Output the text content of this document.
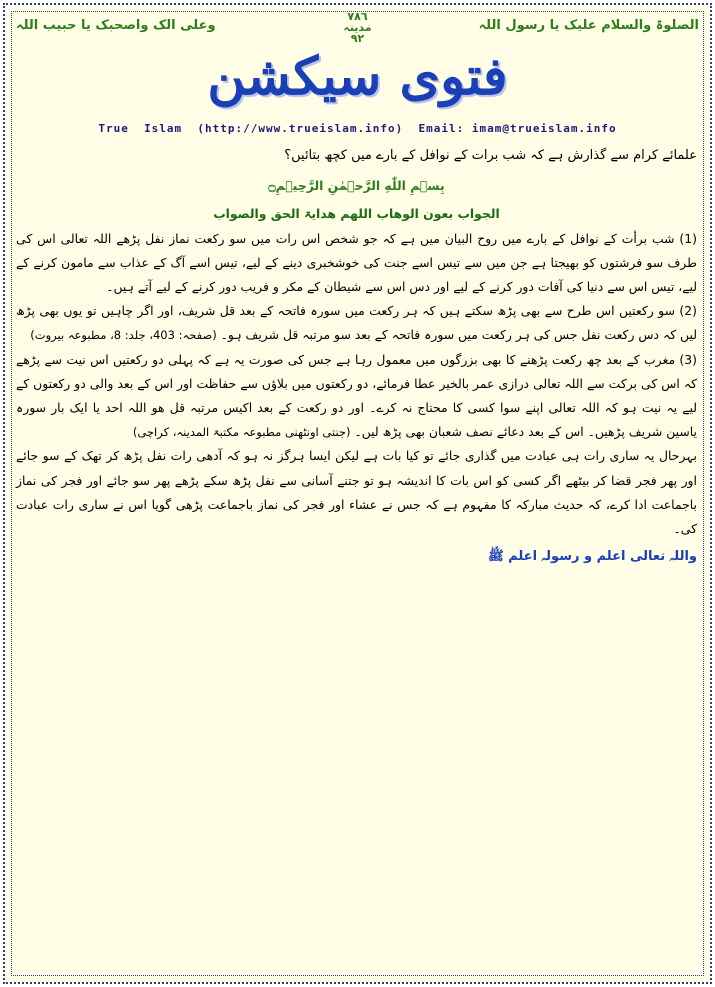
الصلوۃ والسلام علیک یا رسول اللہ
٧٨٦
مدینہ
٩٢
وعلی الک واصحبک یا حبیب اللہ
فتوی سیکشن
True  Islam  (http://www.trueislam.info)  Email: imam@trueislam.info

علمائے کرام سے گذارش ہے کہ شب برات کے نوافل کے بارے میں کچھ بتائیں؟

بِسۡمِ اللّٰهِ الرَّحۡمٰنِ الرَّحِيۡمِ۝

الجواب بعون الوھاب اللھم ھدایۃ الحق والصواب

(1) شب برأت کے نوافل کے بارے میں روح البیان میں ہے کہ جو شخص اس رات میں سو رکعت نماز نفل پڑھے اللہ تعالی اس کی طرف سو فرشتوں کو بھیجتا ہے جن میں سے تیس اسے جنت کی خوشخبری دینے کے لیے، تیس اسے آگ کے عذاب سے مامون کرنے کے لیے، تیس اس سے دنیا کی آفات دور کرنے کے لیے اور دس اس سے شیطان کے مکر و فریب دور کرنے کے لیے آتے ہیں۔

(2) سو رکعتیں اس طرح سے بھی پڑھ سکتے ہیں کہ ہر رکعت میں سورہ فاتحہ کے بعد قل شریف، اور اگر چاہیں تو یوں بھی پڑھ لیں کہ دس رکعت نفل جس کی ہر رکعت میں سورہ فاتحہ کے بعد سو مرتبہ قل شریف ہو۔ (صفحہ: 403، جلد: 8، مطبوعہ بیروت)

(3) مغرب کے بعد چھ رکعت پڑھنے کا بھی بزرگوں میں معمول رہا ہے جس کی صورت یہ ہے کہ پہلی دو رکعتیں اس نیت سے پڑھے کہ اس کی برکت سے اللہ تعالی درازی عمر بالخیر عطا فرمائے، دو رکعتوں میں بلاؤں سے حفاظت اور اس کے بعد والی دو رکعتوں کے لیے یہ نیت ہو کہ اللہ تعالی اپنے سوا کسی کا محتاج نہ کرے۔ اور دو رکعت کے بعد اکیس مرتبہ قل ھو اللہ احد یا ایک بار سورہ یاسین شریف پڑھیں۔ اس کے بعد دعائے نصف شعبان بھی پڑھ لیں۔ (جنتی اونٹھنی مطبوعہ مکتبۃ المدینہ، کراچی)

بہرحال یہ ساری رات ہی عبادت میں گذاری جائے تو کیا بات ہے لیکن ایسا ہرگز نہ ہو کہ آدھی رات نفل پڑھ کر تھک کے سو جائے اور پھر فجر قضا کر بیٹھے اگر کسی کو اس بات کا اندیشہ ہو تو جتنے آسانی سے نفل پڑھ سکے پڑھے پھر سو جائے اور فجر کی نماز باجماعت ادا کرے، کہ حدیث مبارکہ کا مفہوم ہے کہ جس نے عشاء اور فجر کی نماز باجماعت پڑھی گویا اس نے ساری رات عبادت کی۔

واللہ تعالی اعلم و رسولہ اعلم ﷺ
